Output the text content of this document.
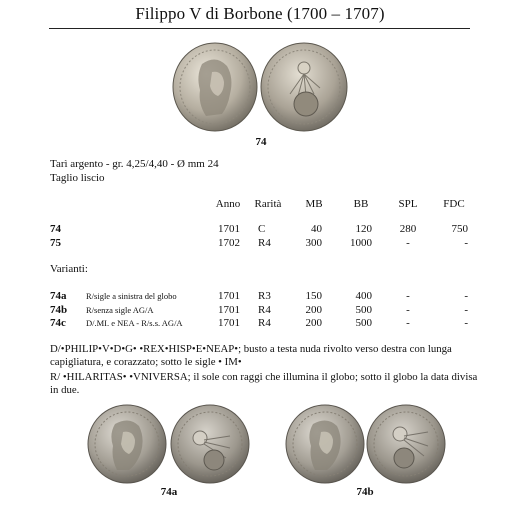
Filippo V di Borbone (1700 – 1707)
74
Tarì argento - gr. 4,25/4,40 - Ø mm 24
Taglio liscio
Anno	Rarità	MB	BB	SPL	FDC
74	1701 C	40	120	280	750
75	1702 R4	300	1000	-	-
Varianti:
74a R/sigle a sinistra del globo	1701 R3	150	400	-	-
74b R/senza sigle AG/A	1701 R4	200	500	-	-
74c D/.MI. e NEA - R/s.s. AG/A	1701 R4	200	500	-	-
D/•PHILIP•V•D•G• •REX•HISP•E•NEAP•; busto a testa nuda rivolto verso destra con lunga capigliatura, e corazzato; sotto le sigle • IM•
R/ •HILARITAS• •VNIVERSA; il sole con raggi che illumina il globo; sotto il globo la data divisa in due.
74a	74b
